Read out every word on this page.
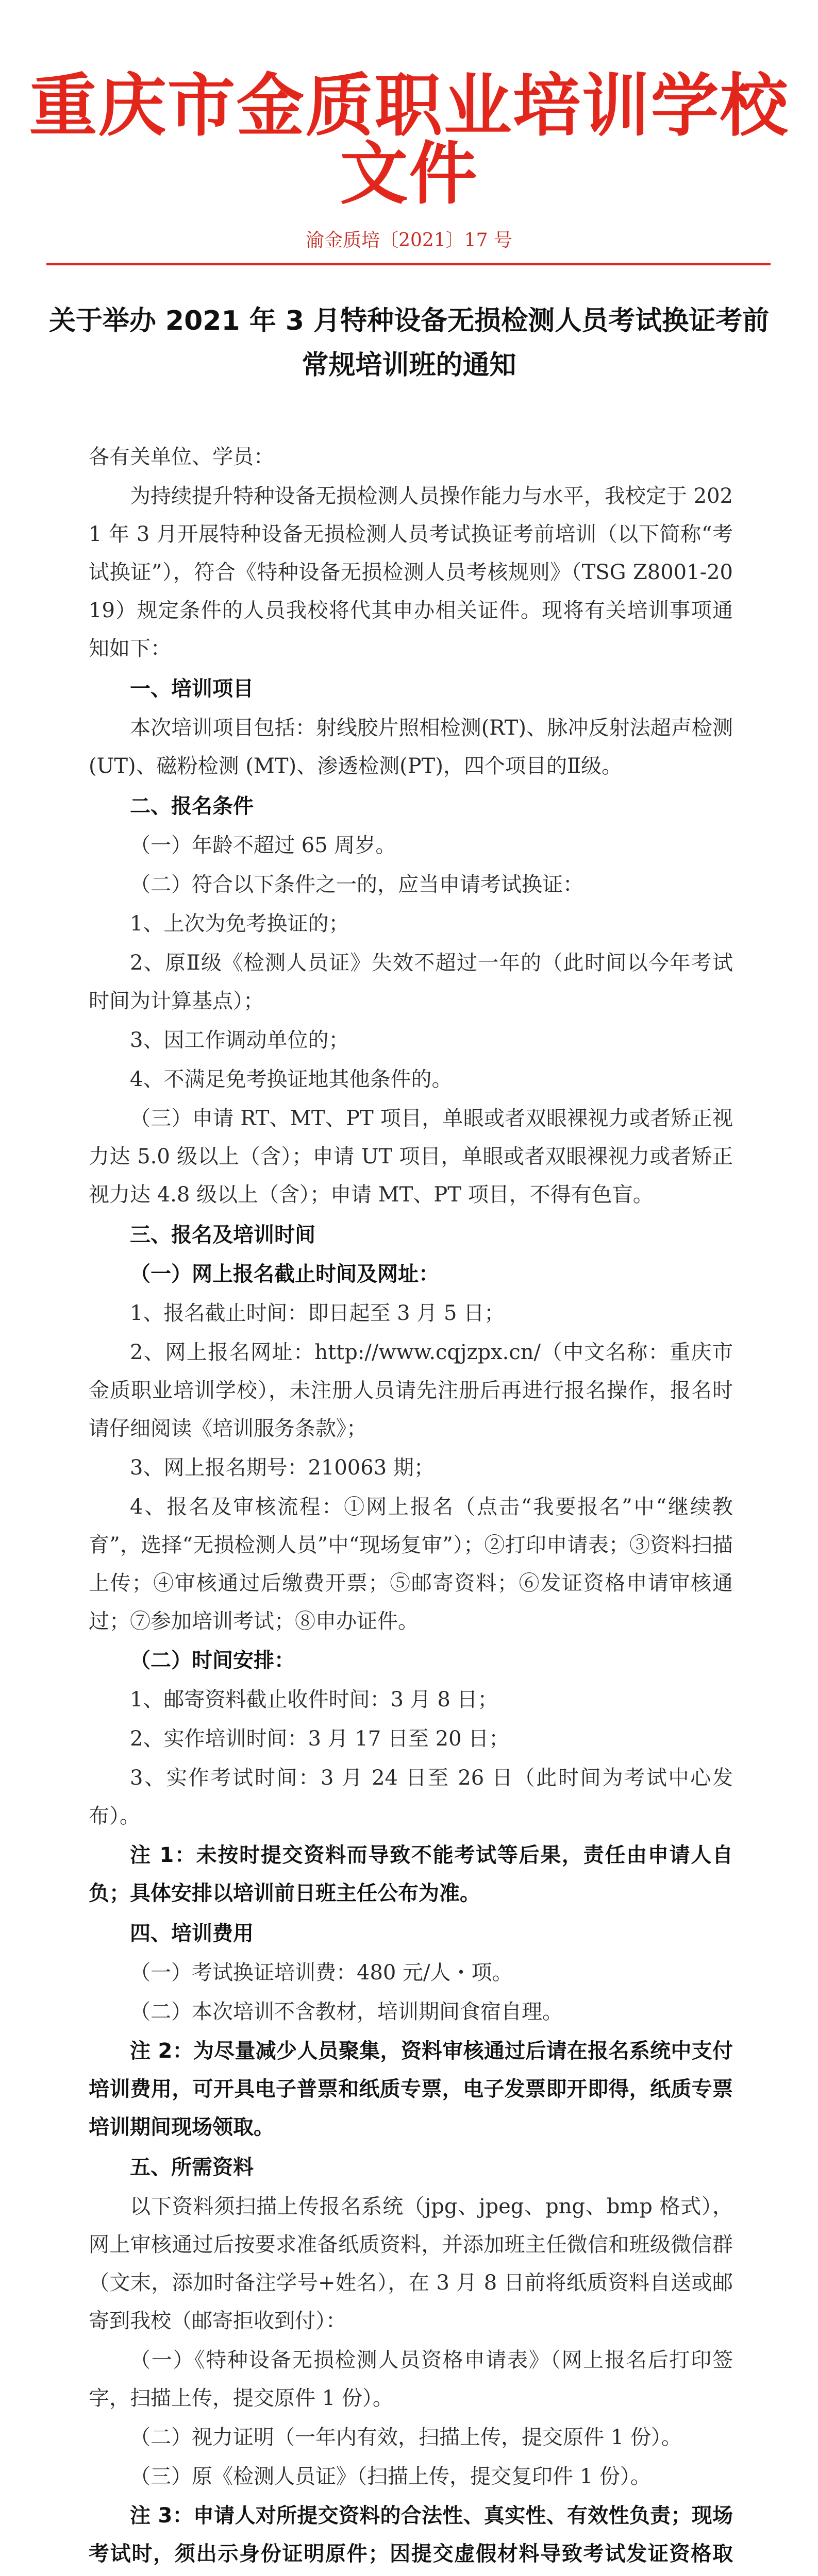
重庆市金质职业培训学校文件
渝金质培〔2021〕17 号
关于举办 2021 年 3 月特种设备无损检测人员考试换证考前常规培训班的通知

各有关单位、学员：

为持续提升特种设备无损检测人员操作能力与水平，我校定于 2021 年 3 月开展特种设备无损检测人员考试换证考前培训（以下简称“考试换证”），符合《特种设备无损检测人员考核规则》（TSG Z8001-2019）规定条件的人员我校将代其申办相关证件。现将有关培训事项通知如下：

一、培训项目

本次培训项目包括：射线胶片照相检测(RT)、脉冲反射法超声检测 (UT)、磁粉检测 (MT)、渗透检测(PT)，四个项目的Ⅱ级。

二、报名条件

（一）年龄不超过 65 周岁。

（二）符合以下条件之一的，应当申请考试换证：

1、上次为免考换证的；

2、原Ⅱ级《检测人员证》失效不超过一年的（此时间以今年考试时间为计算基点）；

3、因工作调动单位的；

4、不满足免考换证地其他条件的。

（三）申请 RT、MT、PT 项目，单眼或者双眼裸视力或者矫正视力达 5.0 级以上（含）；申请 UT 项目，单眼或者双眼裸视力或者矫正视力达 4.8 级以上（含）；申请 MT、PT 项目，不得有色盲。

三、报名及培训时间

（一）网上报名截止时间及网址：

1、报名截止时间：即日起至 3 月 5 日；

2、网上报名网址：http://www.cqjzpx.cn/（中文名称：重庆市金质职业培训学校），未注册人员请先注册后再进行报名操作，报名时请仔细阅读《培训服务条款》；

3、网上报名期号：210063 期；

4、报名及审核流程：①网上报名（点击“我要报名”中“继续教育”，选择“无损检测人员”中“现场复审”）；②打印申请表；③资料扫描上传；④审核通过后缴费开票；⑤邮寄资料；⑥发证资格申请审核通过；⑦参加培训考试；⑧申办证件。

（二）时间安排：

1、邮寄资料截止收件时间：3 月 8 日；

2、实作培训时间：3 月 17 日至 20 日；

3、实作考试时间：3 月 24 日至 26 日（此时间为考试中心发布）。

注 1：未按时提交资料而导致不能考试等后果，责任由申请人自负；具体安排以培训前日班主任公布为准。

四、培训费用

（一）考试换证培训费：480 元/人・项。

（二）本次培训不含教材，培训期间食宿自理。

注 2：为尽量减少人员聚集，资料审核通过后请在报名系统中支付培训费用，可开具电子普票和纸质专票，电子发票即开即得，纸质专票培训期间现场领取。

五、所需资料

以下资料须扫描上传报名系统（jpg、jpeg、png、bmp 格式），网上审核通过后按要求准备纸质资料，并添加班主任微信和班级微信群（文末，添加时备注学号+姓名），在 3 月 8 日前将纸质资料自送或邮寄到我校（邮寄拒收到付）：

（一）《特种设备无损检测人员资格申请表》（网上报名后打印签字，扫描上传，提交原件 1 份）。

（二）视力证明（一年内有效，扫描上传，提交原件 1 份）。

（三）原《检测人员证》（扫描上传，提交复印件 1 份）。

注 3：申请人对所提交资料的合法性、真实性、有效性负责；现场考试时，须出示身份证明原件；因提交虚假材料导致考试发证资格取
